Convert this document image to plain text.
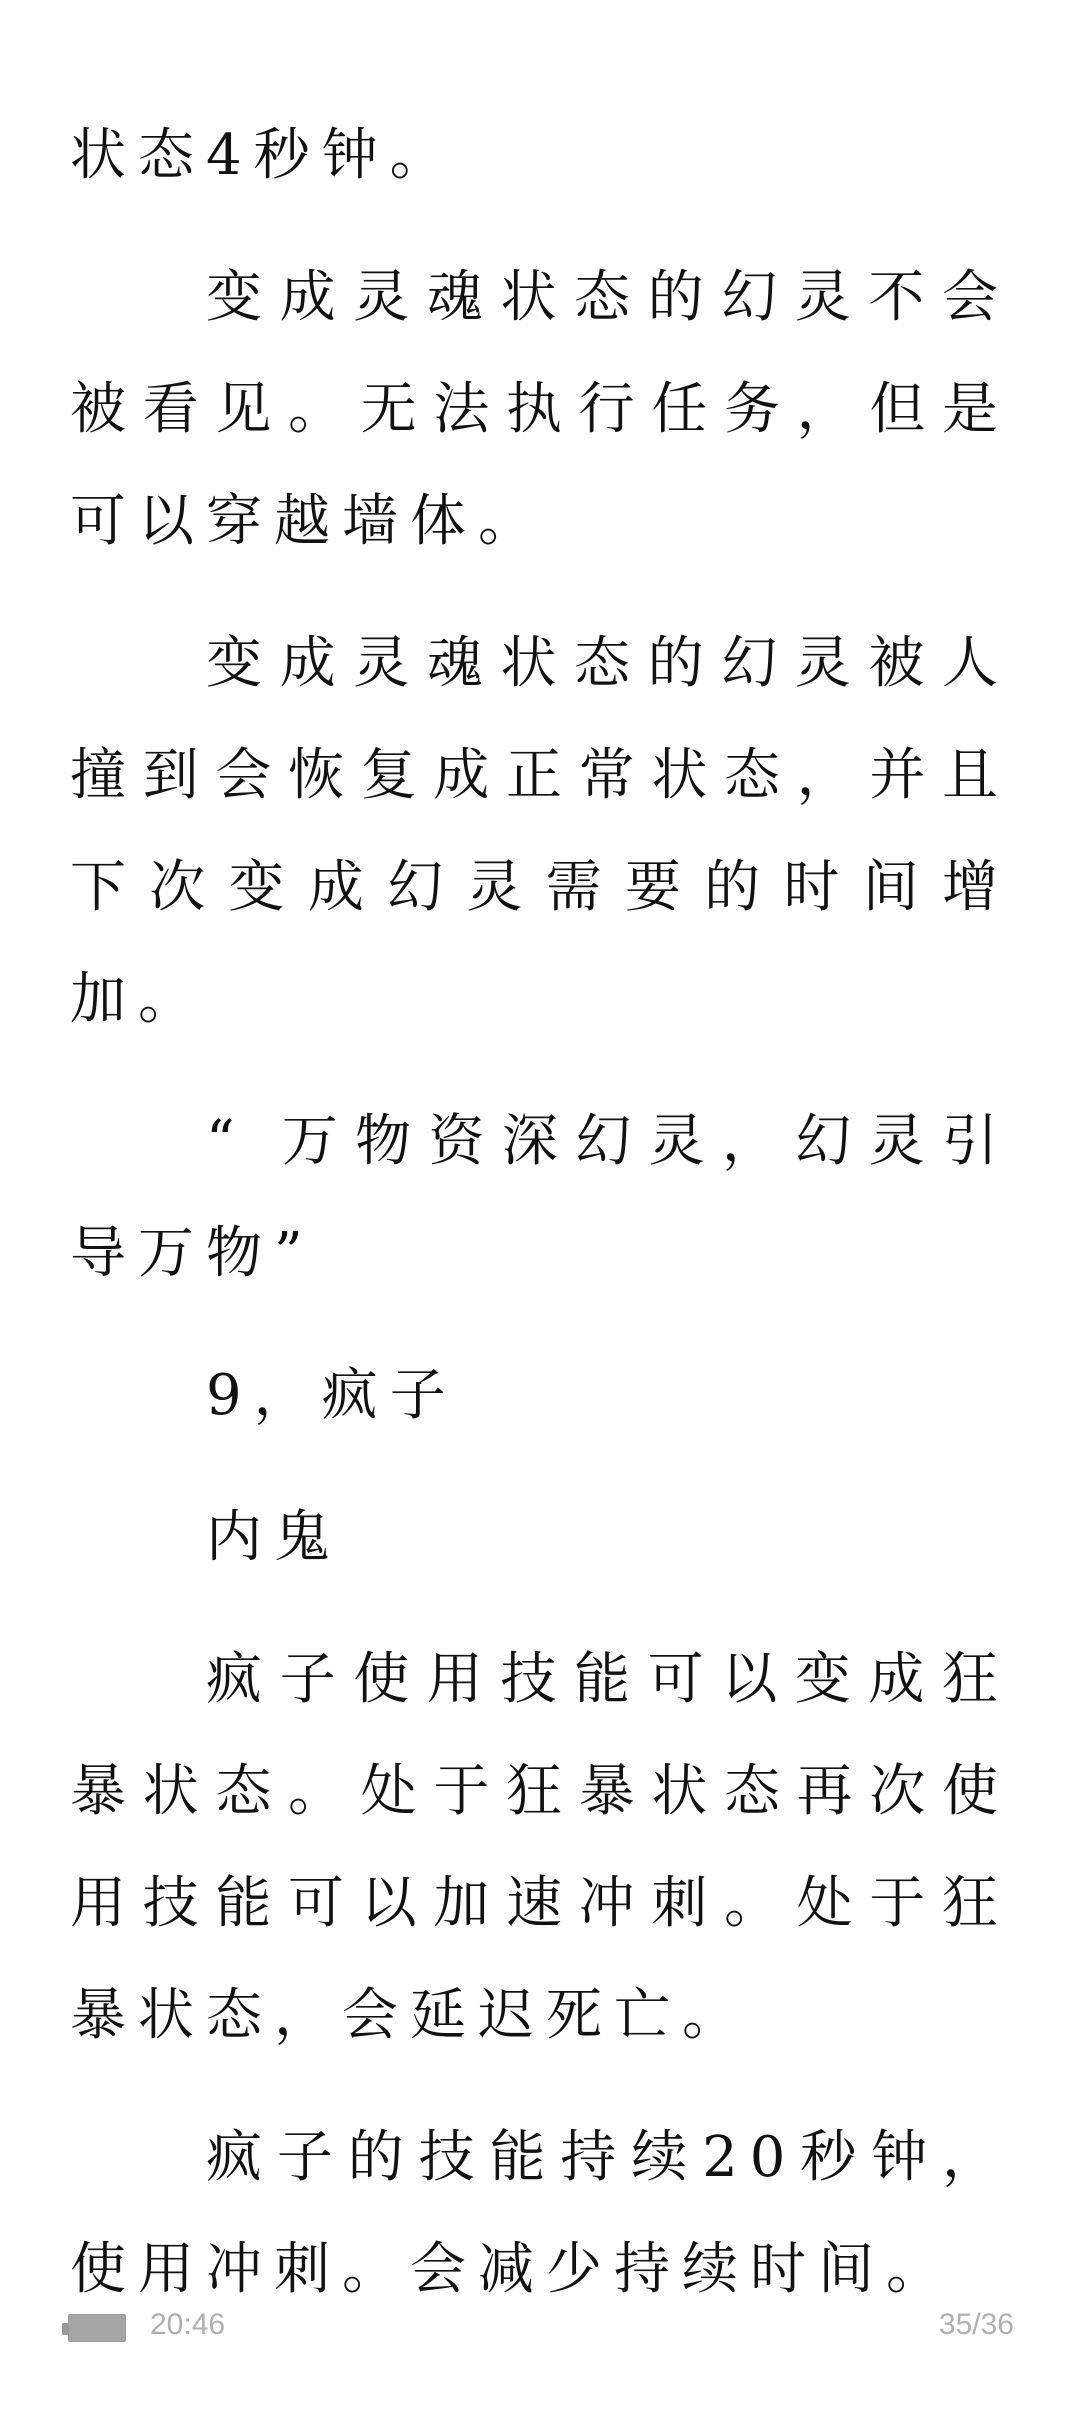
状态4秒钟。

变成灵魂状态的幻灵不会被看见。无法执行任务，但是可以穿越墙体。

变成灵魂状态的幻灵被人撞到会恢复成正常状态，并且下次变成幻灵需要的时间增加。

“ 万物资深幻灵，幻灵引导万物”

9，疯子

内鬼

疯子使用技能可以变成狂暴状态。处于狂暴状态再次使用技能可以加速冲刺。处于狂暴状态，会延迟死亡。

疯子的技能持续20秒钟，使用冲刺。会减少持续时间。

20:46	35/36
